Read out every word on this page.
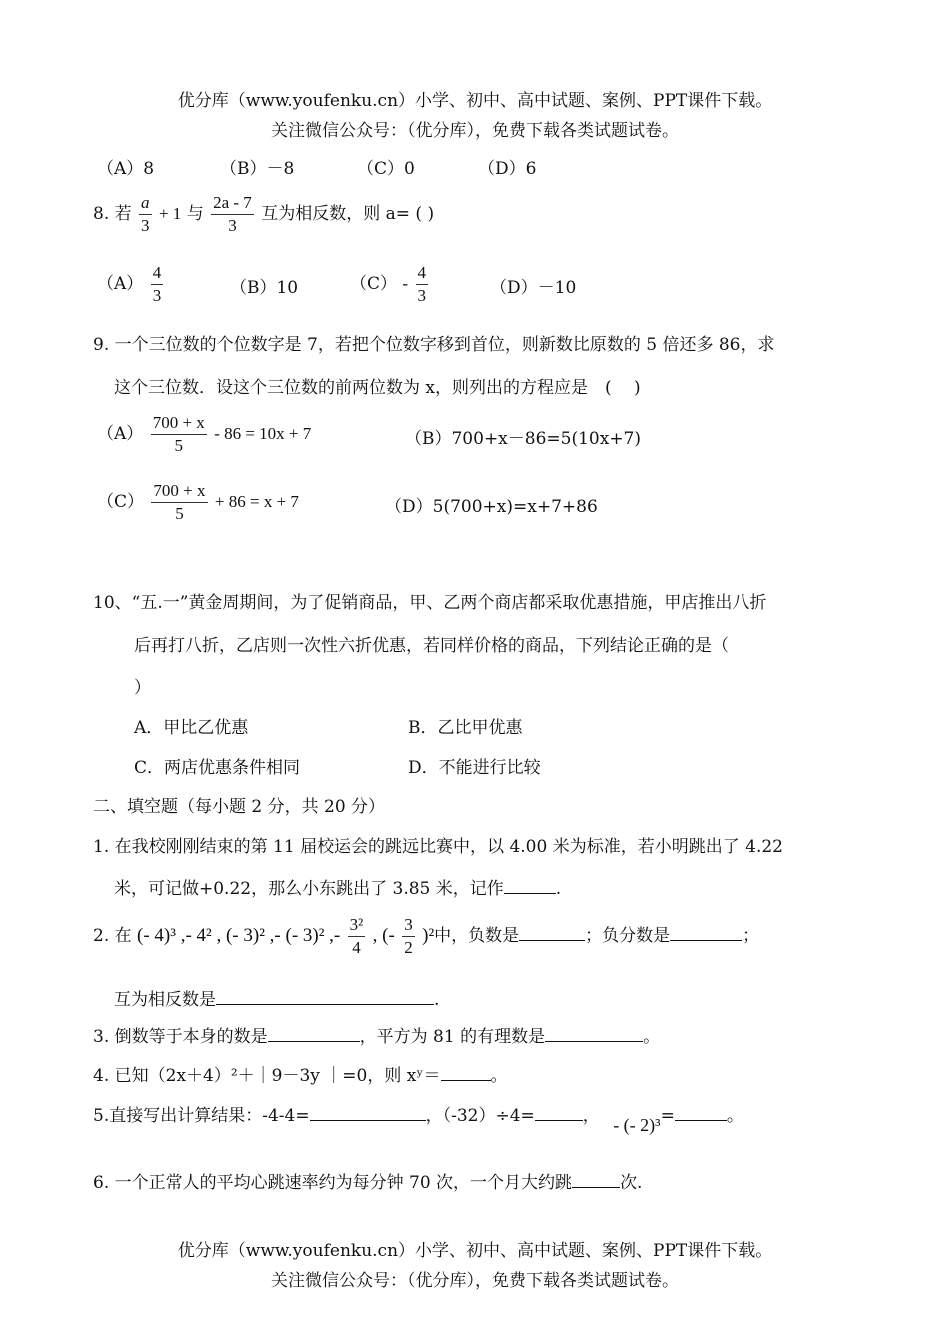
优分库（www.youfenku.cn）小学、初中、高中试题、案例、PPT课件下载。
关注微信公众号：（优分库），免费下载各类试题试卷。
（A）8	（B）－8	（C）0	（D）6
8. 若 $\frac{a}{3} + 1$ 与 $\frac{2a - 7}{3}$ 互为相反数，则 a= ( )
$(A) \frac{4}{3}$	（B）10	$(C) - \frac{4}{3}$	（D）－10
9. 一个三位数的个位数字是 7，若把个位数字移到首位，则新数比原数的 5 倍还多 86，求
这个三位数．设这个三位数的前两位数为 x，则列出的方程应是　(　 )
$(A) \frac{700 + x}{5} - 86 = 10x + 7$	（B）700+x－86=5(10x+7)
$(C) \frac{700 + x}{5} + 86 = x + 7$	（D）5(700+x)=x+7+86
10、“五.一”黄金周期间，为了促销商品，甲、乙两个商店都采取优惠措施，甲店推出八折
后再打八折，乙店则一次性六折优惠，若同样价格的商品，下列结论正确的是（
）
A．甲比乙优惠	B．乙比甲优惠
C．两店优惠条件相同	D．不能进行比较
二、填空题（每小题 2 分，共 20 分）
1. 在我校刚刚结束的第 11 届校运会的跳远比赛中，以 4.00 米为标准，若小明跳出了 4.22
米，可记做+0.22，那么小东跳出了 3.85 米，记作	.
2. 在 (- 4)³ ,- 4² , (- 3)² ,- (- 3)² ,- $\frac{\text{3²}}{4}$ , (- $\frac{3}{2} )^2$中，负数是	；负分数是	；
互为相反数是	.
3. 倒数等于本身的数是	，平方为 81 的有理数是	。
4. 已知（2x＋4）²＋｜9－3y ｜=0，则 xʸ＝	。
5.直接写出计算结果：-4-4=	，（-32）÷4=	， - (- 2)³=	。
6. 一个正常人的平均心跳速率约为每分钟 70 次，一个月大约跳	次.
优分库（www.youfenku.cn）小学、初中、高中试题、案例、PPT课件下载。
关注微信公众号：（优分库），免费下载各类试题试卷。
